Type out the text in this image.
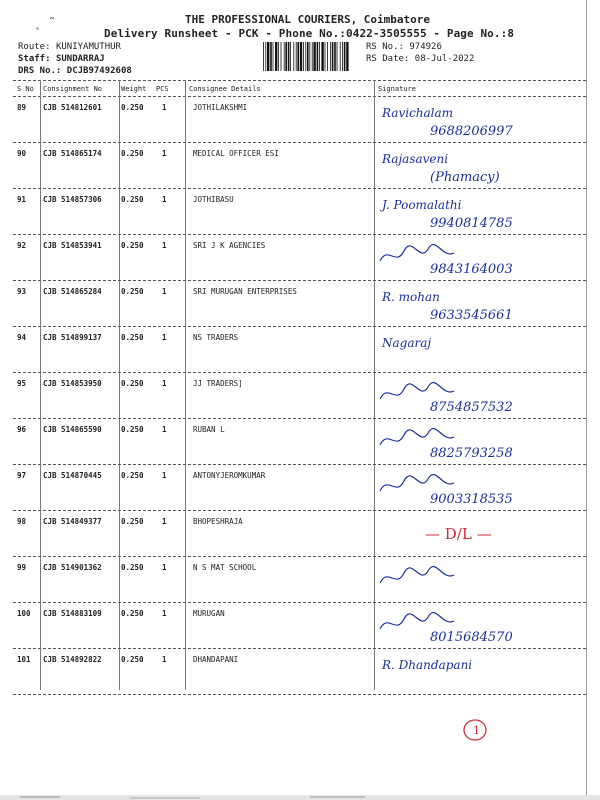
˛ ˜	THE PROFESSIONAL COURIERS, Coimbatore
Delivery Runsheet - PCK - Phone No.:0422-3505555 - Page No.:8
Route: KUNIYAMUTHUR
Staff: SUNDARRAJ
DRS No.: DCJB97492608
RS No.: 974926
RS Date: 08-Jul-2022
S No Consignment No	Weight PCS	Consignee Details	Signature
89 CJB 514812601	0.250 1	JOTHILAKSHMI	Ravichalam
9688206997
90 CJB 514865174	0.250 1	MEDICAL OFFICER ESI	Rajasaveni
(Phamacy)
91 CJB 514857306	0.250 1	JOTHIBASU	J. Poomalathi
9940814785
92 CJB 514853941	0.250 1	SRI J K AGENCIES
9843164003
93 CJB 514865284	0.250 1	SRI MURUGAN ENTERPRISES	R. mohan
9633545661
94 CJB 514899137	0.250 1	NS TRADERS	Nagaraj
95 CJB 514853950	0.250 1	JJ TRADERS]
8754857532
96 CJB 514865590	0.250 1	RUBAN L
8825793258
97 CJB 514870445	0.250 1	ANTONYJEROMKUMAR
9003318535
98 CJB 514849377	0.250 1	BHOPESHRAJA
— D/L —
99 CJB 514901362	0.250 1	N S MAT SCHOOL
100 CJB 514883109	0.250 1	MURUGAN
8015684570
101 CJB 514892822	0.250 1	DHANDAPANI	R. Dhandapani
1
